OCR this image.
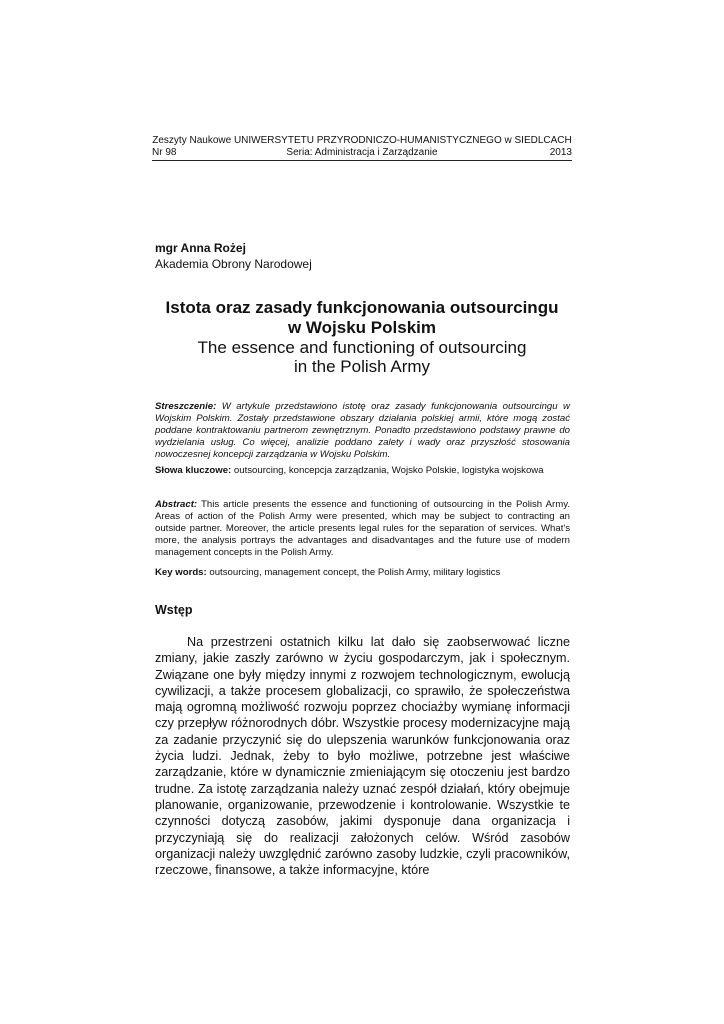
Zeszyty Naukowe UNIWERSYTETU PRZYRODNICZO-HUMANISTYCZNEGO w SIEDLCACH
Nr 98	Seria: Administracja i Zarządzanie	2013
mgr Anna Rożej
Akademia Obrony Narodowej
Istota oraz zasady funkcjonowania outsourcingu
w Wojsku Polskim
The essence and functioning of outsourcing
in the Polish Army
Streszczenie: W artykule przedstawiono istotę oraz zasady funkcjonowania outsourcingu w Wojskim Polskim. Zostały przedstawione obszary działania polskiej armii, które mogą zostać poddane kontraktowaniu partnerom zewnętrznym. Ponadto przedstawiono podstawy prawne do wydzielania usług. Co więcej, analizie poddano zalety i wady oraz przyszłość stosowania nowoczesnej koncepcji zarządzania w Wojsku Polskim.
Słowa kluczowe: outsourcing, koncepcja zarządzania, Wojsko Polskie, logistyka wojskowa
Abstract: This article presents the essence and functioning of outsourcing in the Polish Army. Areas of action of the Polish Army were presented, which may be subject to contracting an outside partner. Moreover, the article presents legal rules for the separation of services. What's more, the analysis portrays the advantages and disadvantages and the future use of modern management concepts in the Polish Army.
Key words: outsourcing, management concept, the Polish Army, military logistics
Wstęp
Na przestrzeni ostatnich kilku lat dało się zaobserwować liczne zmiany, jakie zaszły zarówno w życiu gospodarczym, jak i społecznym. Związane one były między innymi z rozwojem technologicznym, ewolucją cywilizacji, a także procesem globalizacji, co sprawiło, że społeczeństwa mają ogromną możliwość rozwoju poprzez chociażby wymianę informacji czy przepływ różnorodnych dóbr. Wszystkie procesy modernizacyjne mają za zadanie przyczynić się do ulepszenia warunków funkcjonowania oraz życia ludzi. Jednak, żeby to było możliwe, potrzebne jest właściwe zarządzanie, które w dynamicznie zmieniającym się otoczeniu jest bardzo trudne. Za istotę zarządzania należy uznać zespół działań, który obejmuje planowanie, organizowanie, przewodzenie i kontrolowanie. Wszystkie te czynności dotyczą zasobów, jakimi dysponuje dana organizacja i przyczyniają się do realizacji założonych celów. Wśród zasobów organizacji należy uwzględnić zarówno zasoby ludzkie, czyli pracowników, rzeczowe, finansowe, a także informacyjne, które
